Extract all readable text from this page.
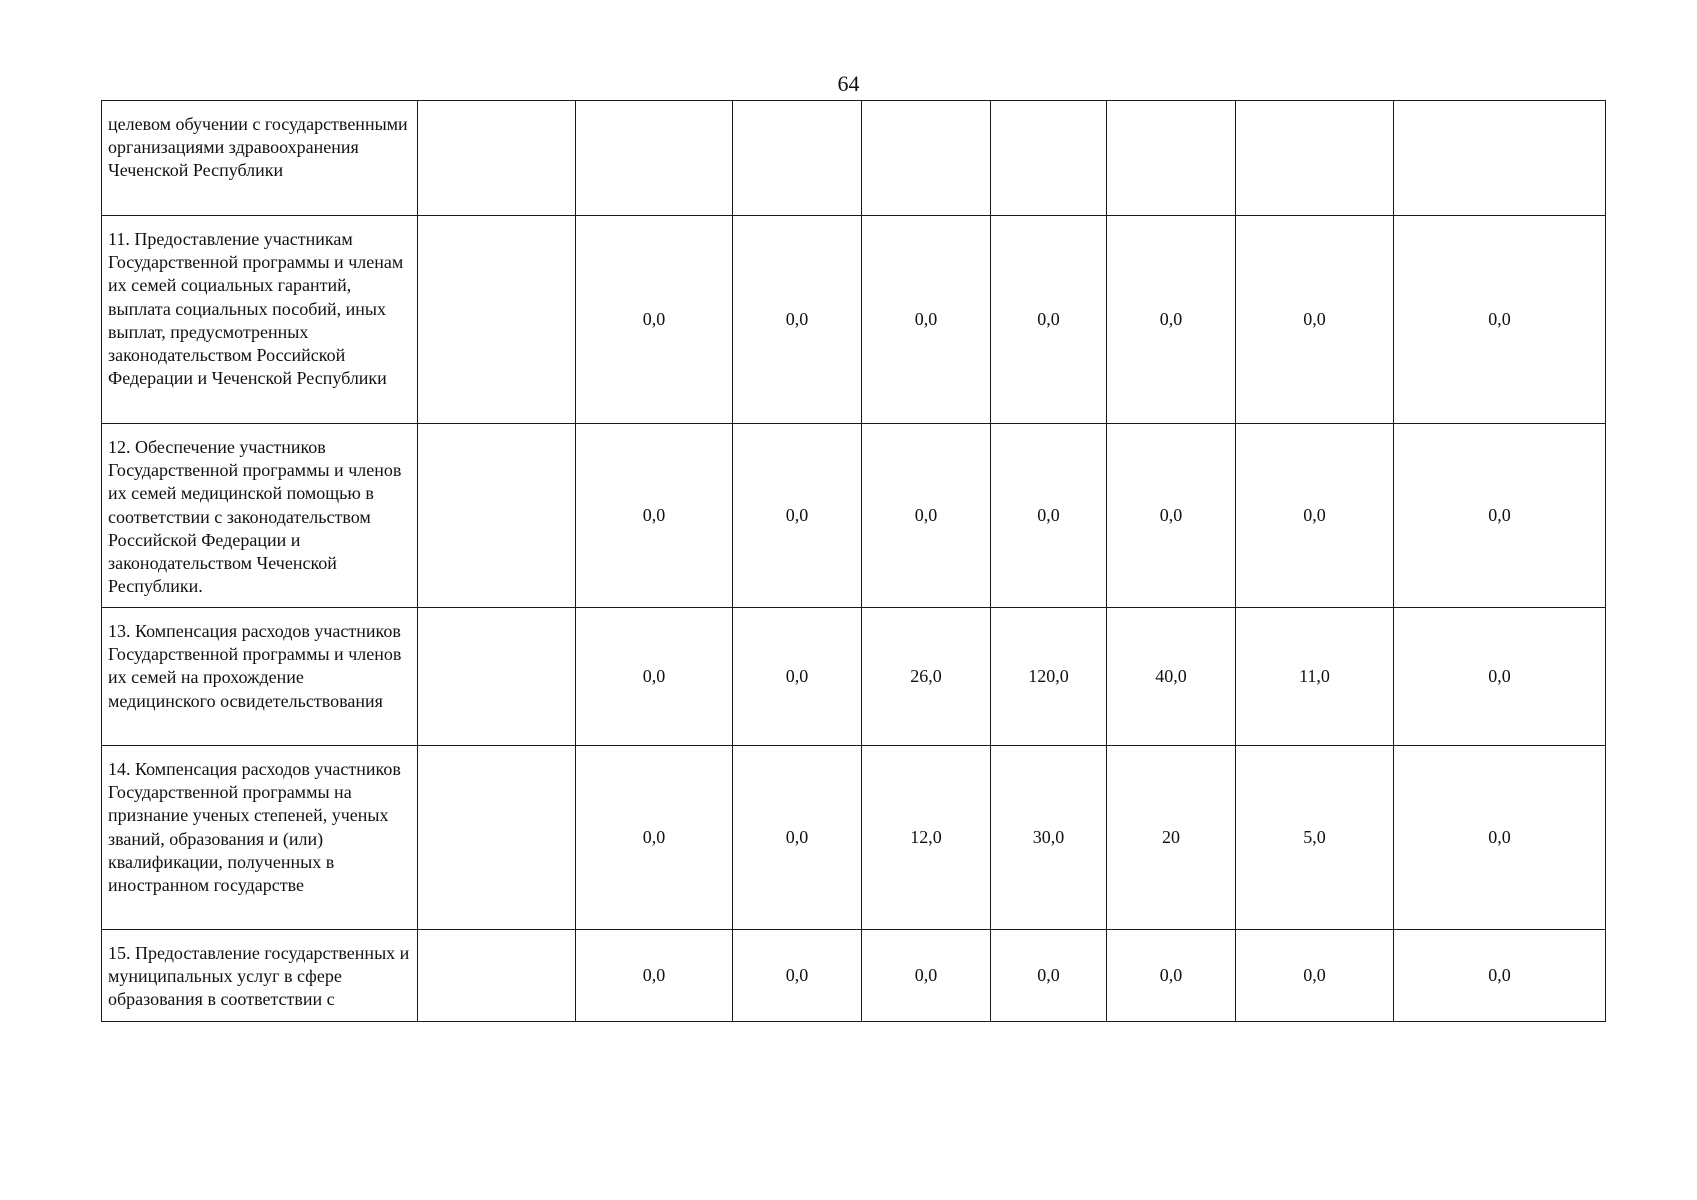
64
целевом обучении с государственными организациями здравоохранения Чеченской Республики								
11. Предоставление участникам Государственной программы и членам их семей социальных гарантий, выплата социальных пособий, иных выплат, предусмотренных законодательством Российской Федерации и Чеченской Республики		0,0	0,0	0,0	0,0	0,0	0,0	0,0
12. Обеспечение участников Государственной программы и членов их семей медицинской помощью в соответствии с законодательством Российской Федерации и законодательством Чеченской Республики.		0,0	0,0	0,0	0,0	0,0	0,0	0,0
13. Компенсация расходов участников Государственной программы и членов их семей на прохождение медицинского освидетельствования		0,0	0,0	26,0	120,0	40,0	11,0	0,0
14. Компенсация расходов участников Государственной программы на признание ученых степеней, ученых званий, образования и (или) квалификации, полученных в иностранном государстве		0,0	0,0	12,0	30,0	20	5,0	0,0
15. Предоставление государственных и муниципальных услуг в сфере образования в соответствии с		0,0	0,0	0,0	0,0	0,0	0,0	0,0
